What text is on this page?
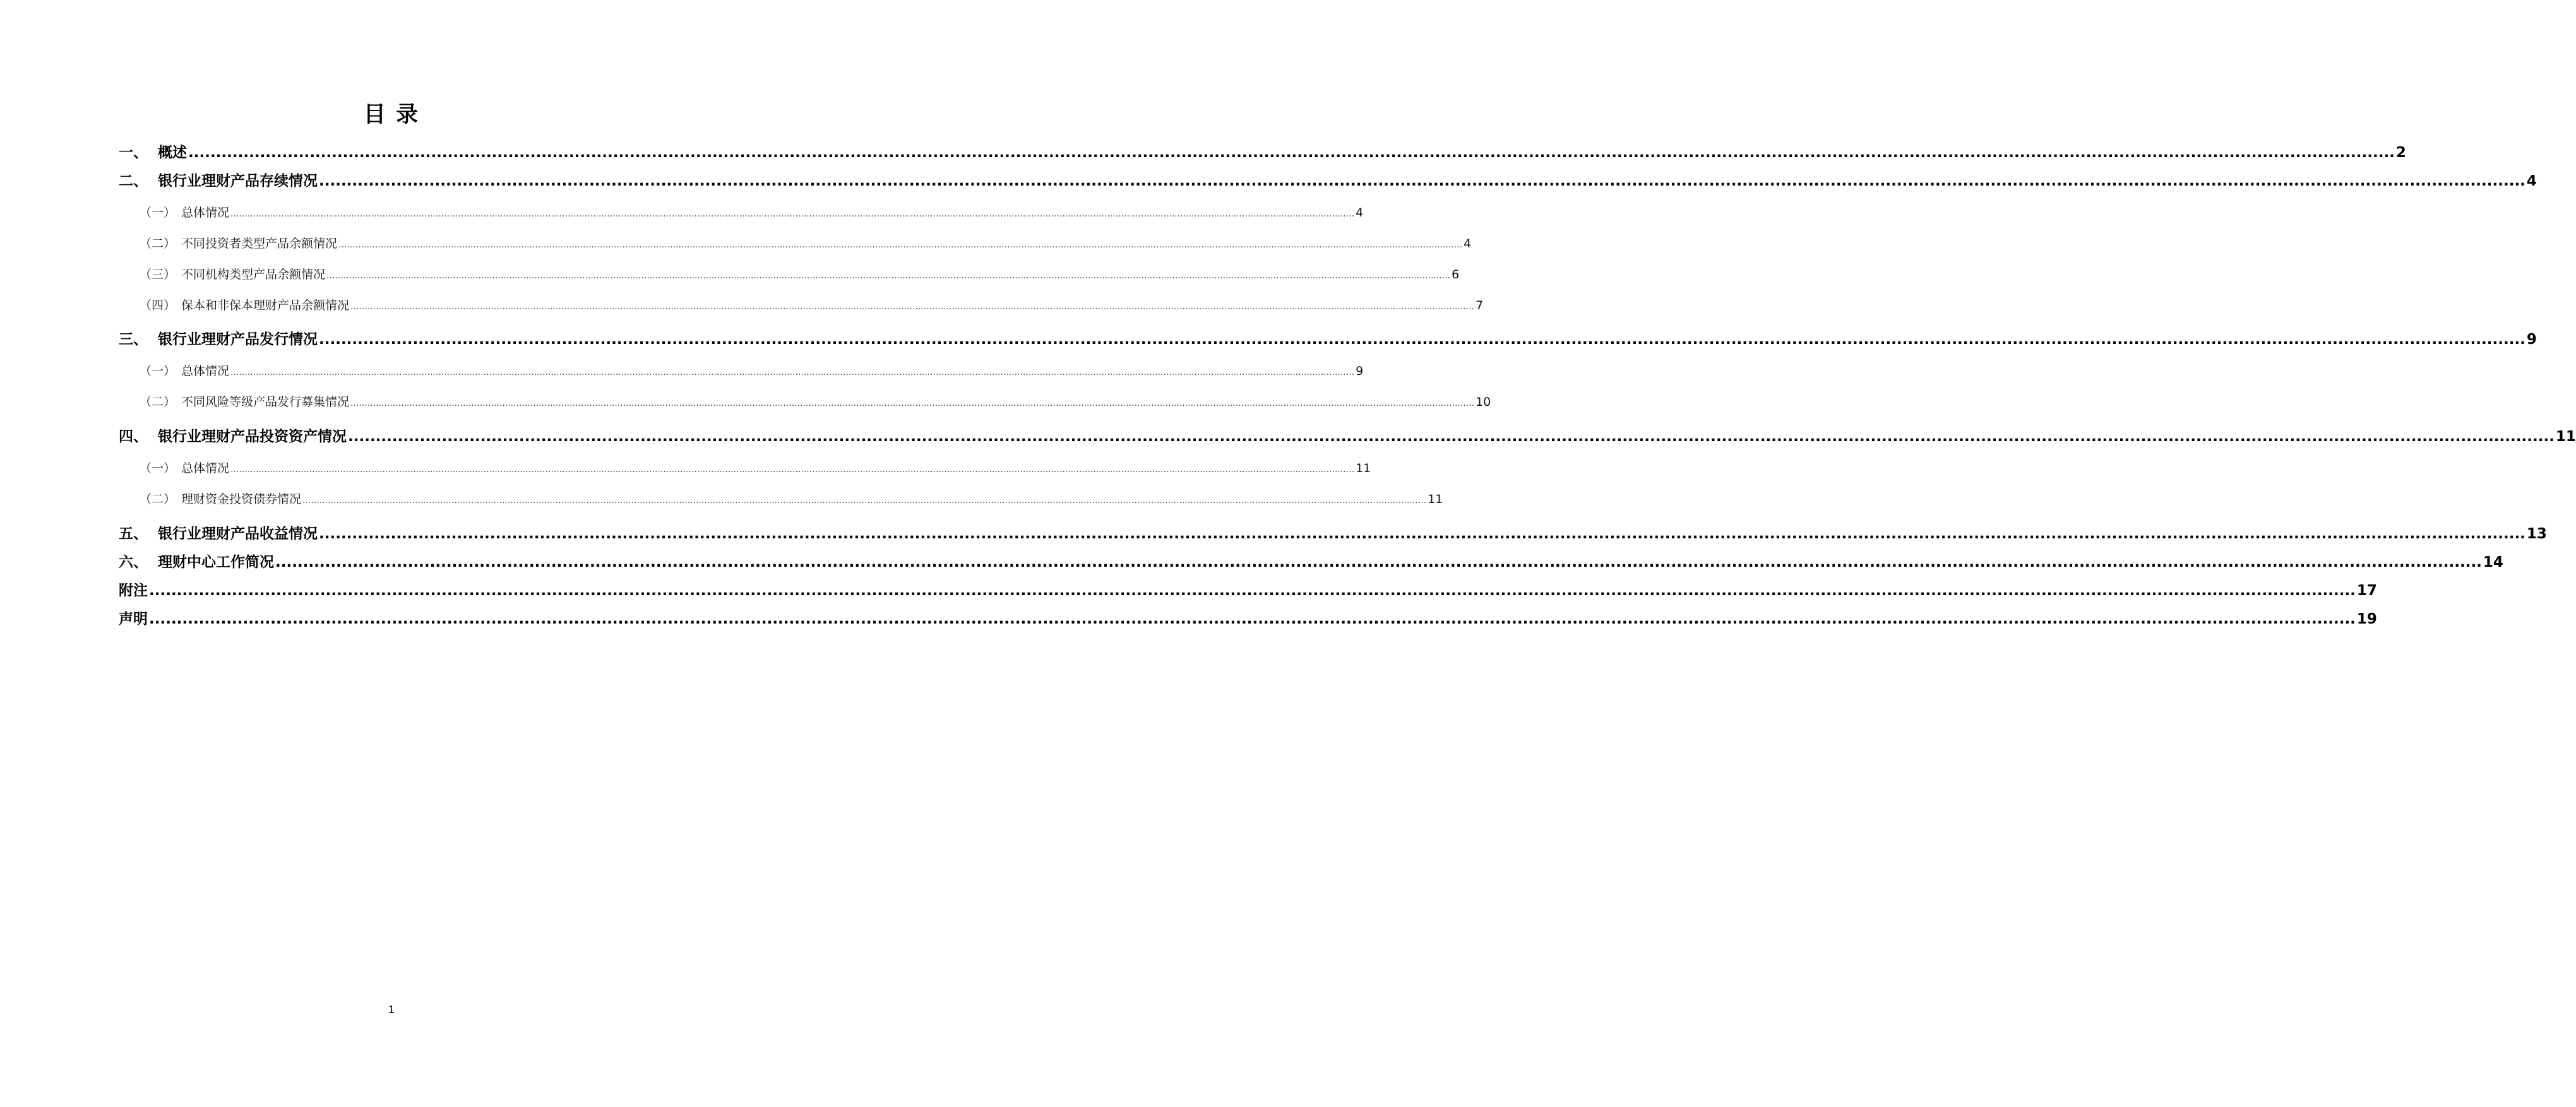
目 录
一、 概述 ................................................................................................................................................................................................................................................................................................................................................................................................................ 2
二、 银行业理财产品存续情况 ................................................................................................................................................................................................................................................................................................................................................................................................................ 4
（一） 总体情况 ................................................................................................................................................................................................................................................................................................................................................................................................................ 4
（二） 不同投资者类型产品余额情况 ................................................................................................................................................................................................................................................................................................................................................................................................................ 4
（三） 不同机构类型产品余额情况 ................................................................................................................................................................................................................................................................................................................................................................................................................ 6
（四） 保本和非保本理财产品余额情况 ................................................................................................................................................................................................................................................................................................................................................................................................................ 7
三、 银行业理财产品发行情况 ................................................................................................................................................................................................................................................................................................................................................................................................................ 9
（一） 总体情况 ................................................................................................................................................................................................................................................................................................................................................................................................................ 9
（二） 不同风险等级产品发行募集情况 ................................................................................................................................................................................................................................................................................................................................................................................................................ 10
四、 银行业理财产品投资资产情况 ................................................................................................................................................................................................................................................................................................................................................................................................................ 11
（一） 总体情况 ................................................................................................................................................................................................................................................................................................................................................................................................................ 11
（二） 理财资金投资债券情况 ................................................................................................................................................................................................................................................................................................................................................................................................................ 11
五、 银行业理财产品收益情况 ................................................................................................................................................................................................................................................................................................................................................................................................................ 13
六、 理财中心工作简况 ................................................................................................................................................................................................................................................................................................................................................................................................................ 14
附注 ................................................................................................................................................................................................................................................................................................................................................................................................................ 17
声明 ................................................................................................................................................................................................................................................................................................................................................................................................................ 19
1
